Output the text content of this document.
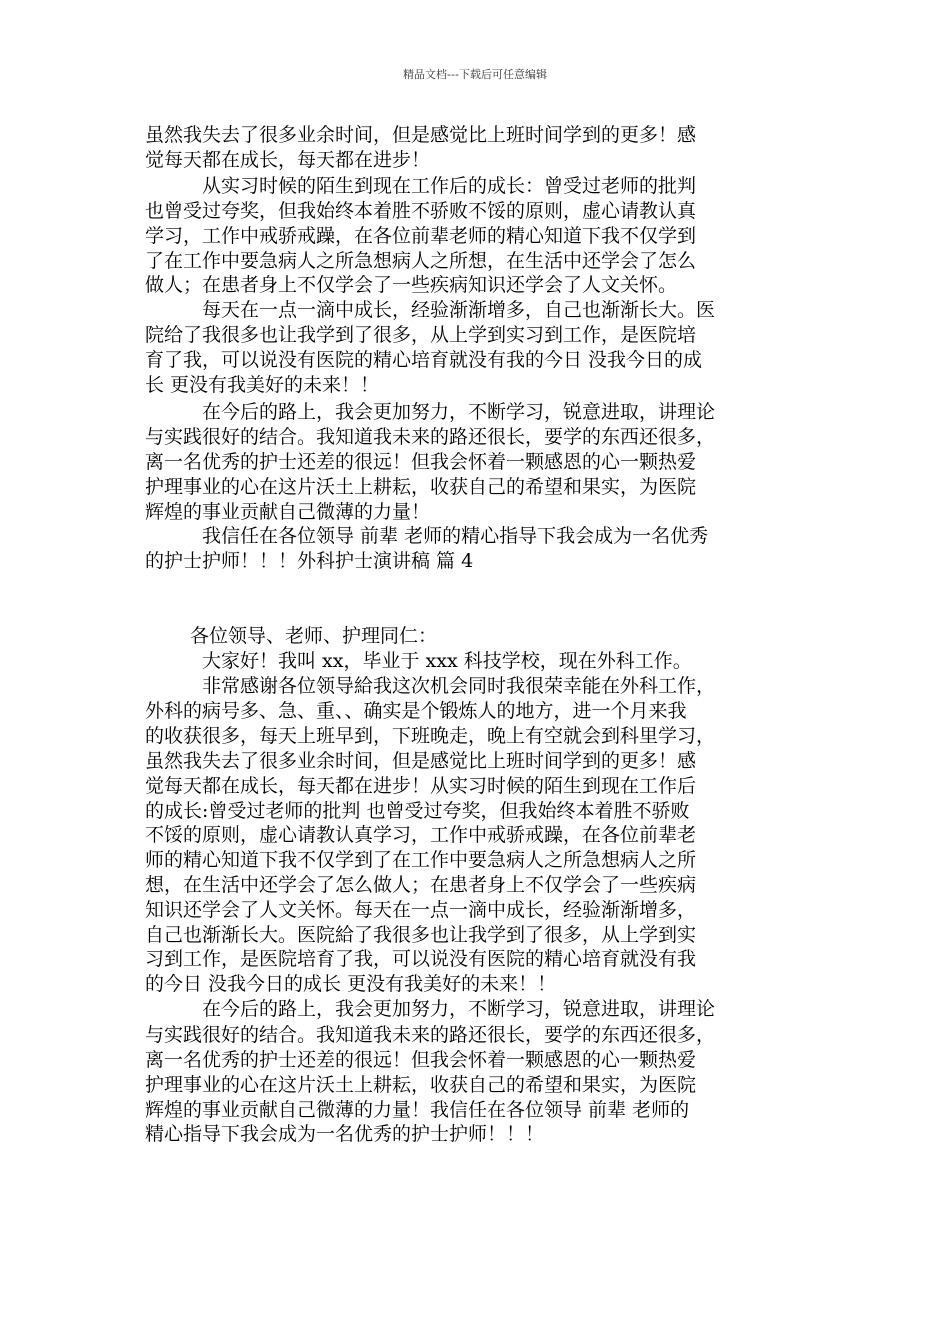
精品文档---下载后可任意编辑
虽然我失去了很多业余时间，但是感觉比上班时间学到的更多！感
觉每天都在成长，每天都在进步！
从实习时候的陌生到现在工作后的成长：曾受过老师的批判
也曾受过夸奖，但我始终本着胜不骄败不馁的原则，虚心请教认真
学习，工作中戒骄戒躁，在各位前辈老师的精心知道下我不仅学到
了在工作中要急病人之所急想病人之所想，在生活中还学会了怎么
做人；在患者身上不仅学会了一些疾病知识还学会了人文关怀。
每天在一点一滴中成长，经验渐渐增多，自己也渐渐长大。医
院给了我很多也让我学到了很多，从上学到实习到工作，是医院培
育了我，可以说没有医院的精心培育就没有我的今日 没我今日的成
长 更没有我美好的未来！！
在今后的路上，我会更加努力，不断学习，锐意进取，讲理论
与实践很好的结合。我知道我未来的路还很长，要学的东西还很多，
离一名优秀的护士还差的很远！但我会怀着一颗感恩的心一颗热爱
护理事业的心在这片沃土上耕耘，收获自己的希望和果实，为医院
辉煌的事业贡献自己微薄的力量！
我信任在各位领导 前辈 老师的精心指导下我会成为一名优秀
的护士护师！！！外科护士演讲稿 篇 4
各位领导、老师、护理同仁：
大家好！我叫 xx，毕业于 xxx 科技学校，现在外科工作。
非常感谢各位领导給我这次机会同时我很荣幸能在外科工作，
外科的病号多、急、重、、确实是个锻炼人的地方，进一个月来我
的收获很多，每天上班早到，下班晚走，晚上有空就会到科里学习，
虽然我失去了很多业余时间，但是感觉比上班时间学到的更多！感
觉每天都在成长，每天都在进步！从实习时候的陌生到现在工作后
的成长:曾受过老师的批判 也曾受过夸奖，但我始终本着胜不骄败
不馁的原则，虚心请教认真学习，工作中戒骄戒躁，在各位前辈老
师的精心知道下我不仅学到了在工作中要急病人之所急想病人之所
想，在生活中还学会了怎么做人；在患者身上不仅学会了一些疾病
知识还学会了人文关怀。每天在一点一滴中成长，经验渐渐增多，
自己也渐渐长大。医院給了我很多也让我学到了很多，从上学到实
习到工作，是医院培育了我，可以说没有医院的精心培育就没有我
的今日 没我今日的成长 更没有我美好的未来！！
在今后的路上，我会更加努力，不断学习，锐意进取，讲理论
与实践很好的结合。我知道我未来的路还很长，要学的东西还很多，
离一名优秀的护士还差的很远！但我会怀着一颗感恩的心一颗热爱
护理事业的心在这片沃土上耕耘，收获自己的希望和果实，为医院
辉煌的事业贡献自己微薄的力量！我信任在各位领导 前辈 老师的
精心指导下我会成为一名优秀的护士护师！！！
